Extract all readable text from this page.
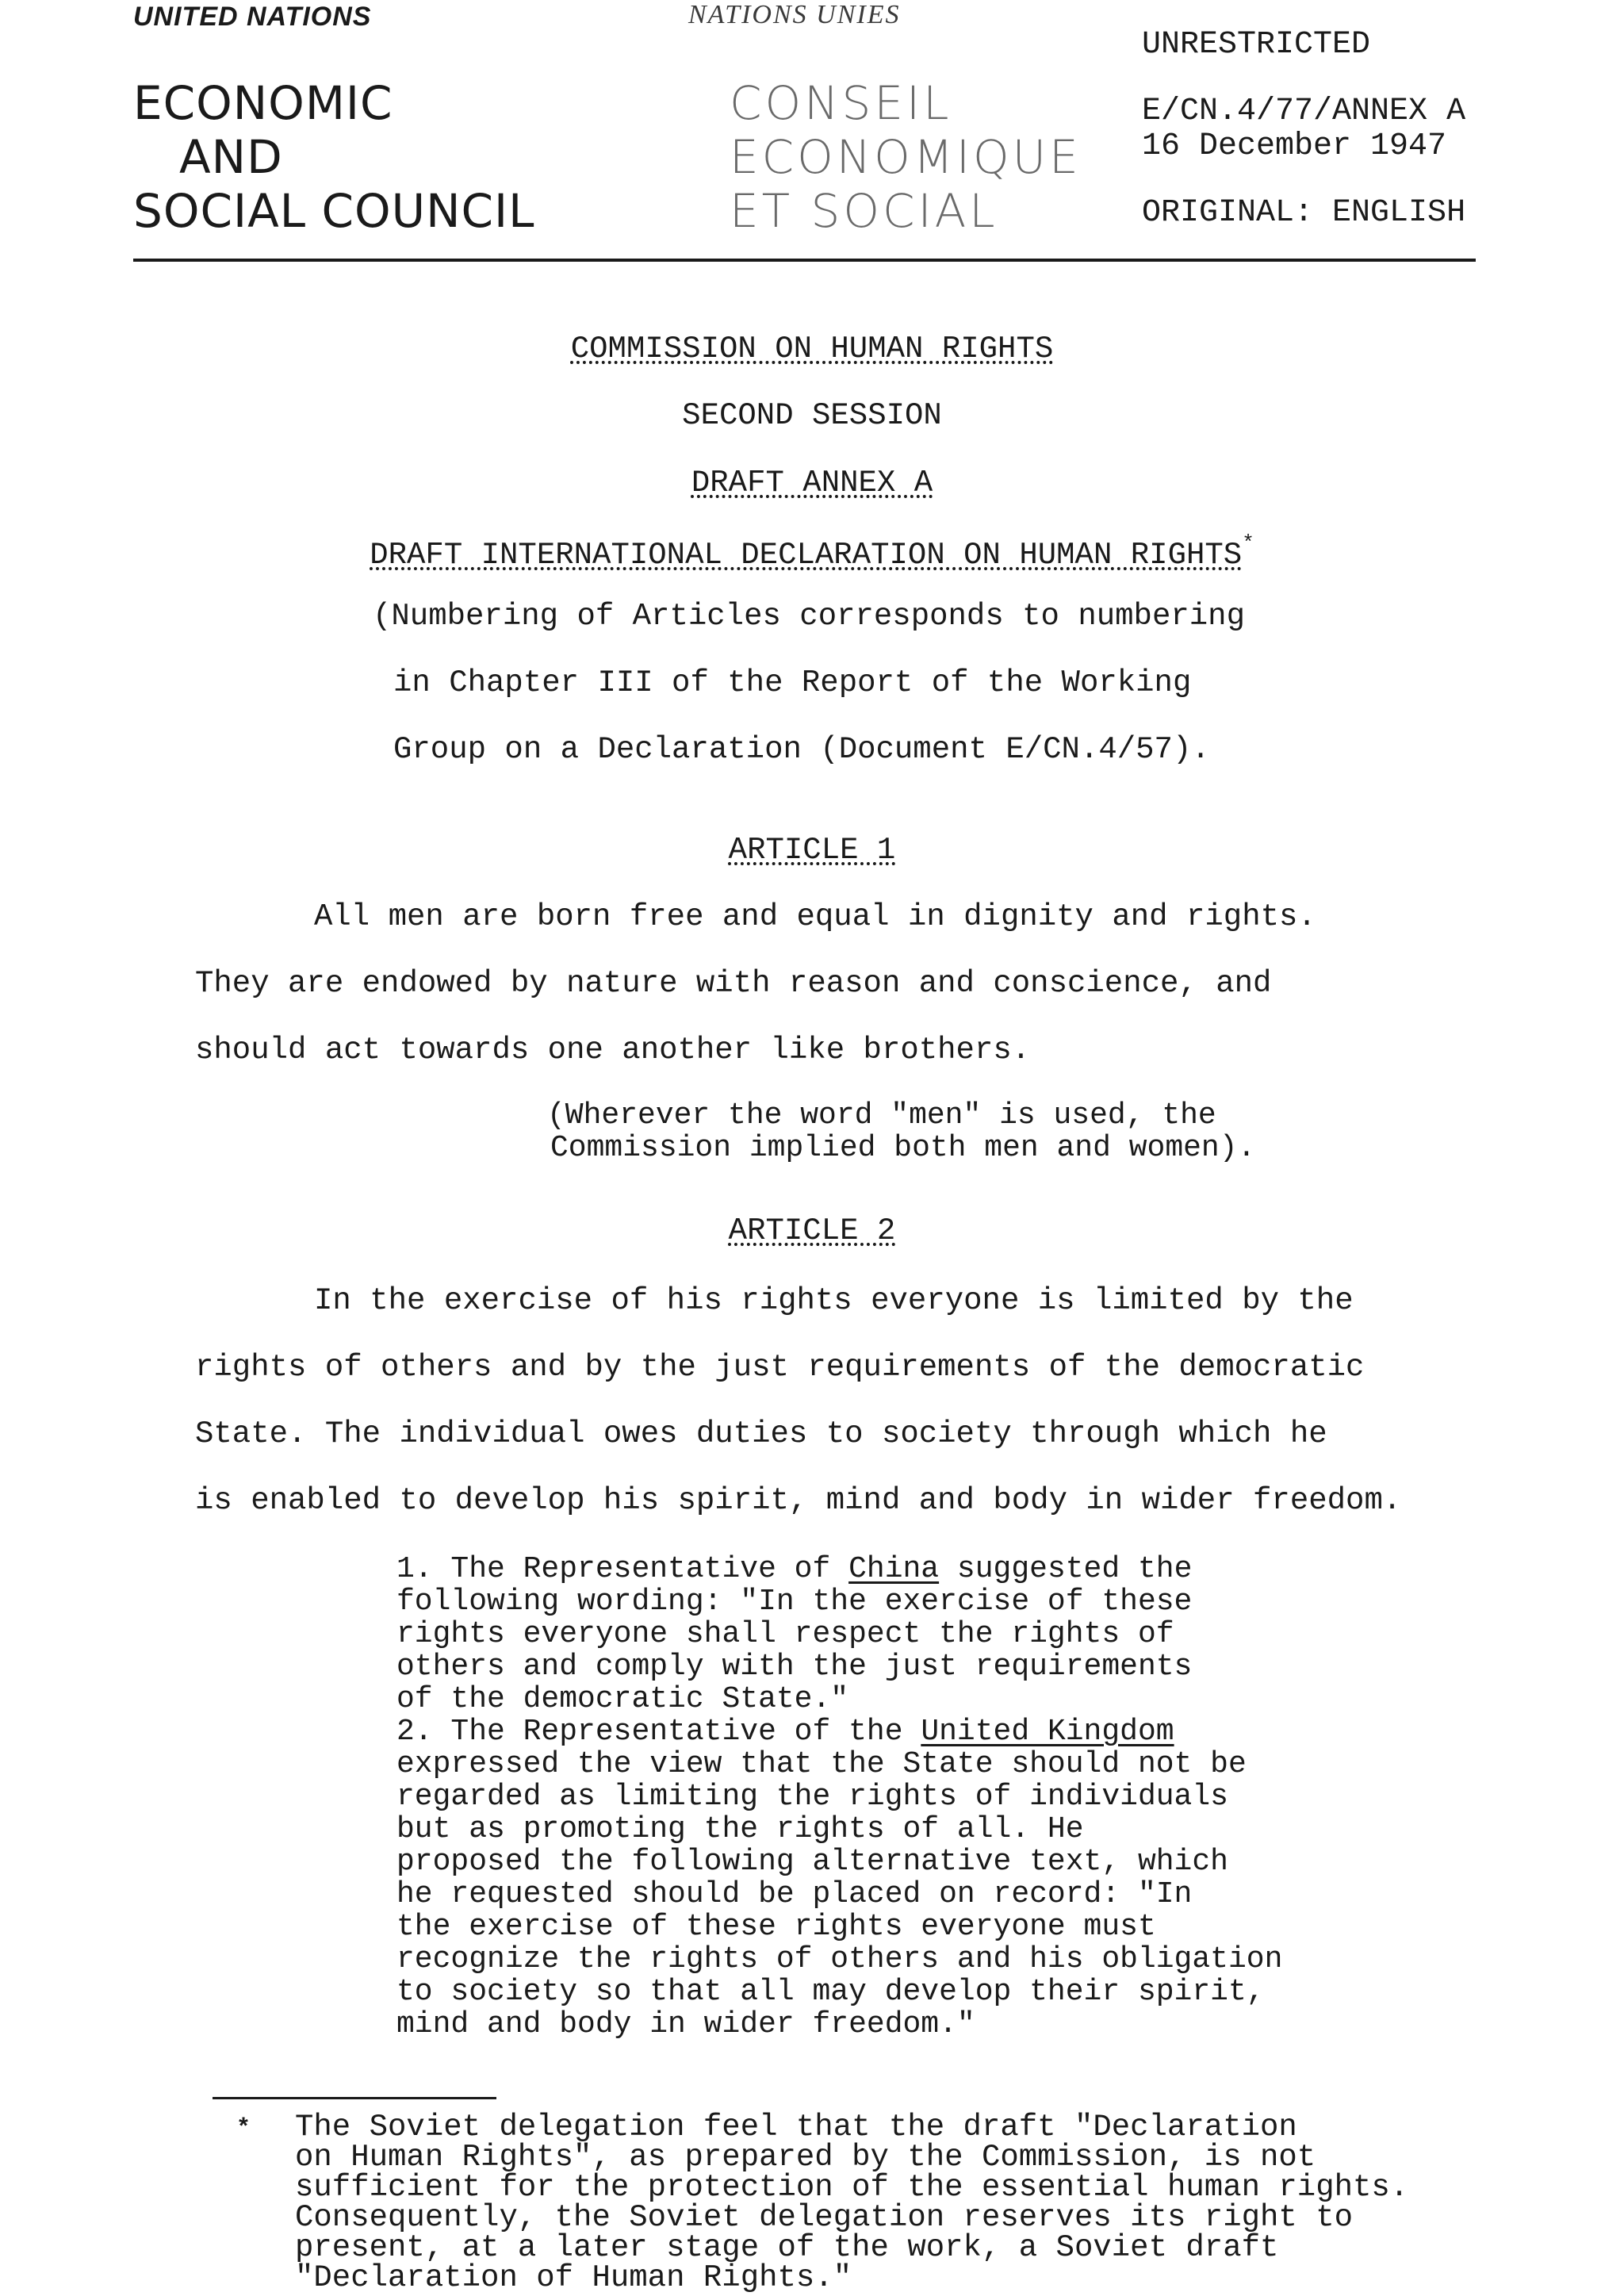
UNITED NATIONS	NATIONS UNIES
ECONOMIC
AND
SOCIAL COUNCIL
CONSEIL
ECONOMIQUE
ET SOCIAL
UNRESTRICTED
E/CN.4/77/ANNEX A
16 December 1947
ORIGINAL: ENGLISH
COMMISSION ON HUMAN RIGHTS
SECOND SESSION
DRAFT ANNEX A
DRAFT INTERNATIONAL DECLARATION ON HUMAN RIGHTS*
(Numbering of Articles corresponds to numbering
in Chapter III of the Report of the Working
Group on a Declaration (Document E/CN.4/57).
ARTICLE 1
All men are born free and equal in dignity and rights.
They are endowed by nature with reason and conscience, and
should act towards one another like brothers.
(Wherever the word "men" is used, the
Commission implied both men and women).
ARTICLE 2
In the exercise of his rights everyone is limited by the
rights of others and by the just requirements of the democratic
State. The individual owes duties to society through which he
is enabled to develop his spirit, mind and body in wider freedom.
1. The Representative of China suggested the
following wording: "In the exercise of these
rights everyone shall respect the rights of
others and comply with the just requirements
of the democratic State."
2. The Representative of the United Kingdom
expressed the view that the State should not be
regarded as limiting the rights of individuals
but as promoting the rights of all. He
proposed the following alternative text, which
he requested should be placed on record: "In
the exercise of these rights everyone must
recognize the rights of others and his obligation
to society so that all may develop their spirit,
mind and body in wider freedom."
* The Soviet delegation feel that the draft "Declaration
on Human Rights", as prepared by the Commission, is not
sufficient for the protection of the essential human rights.
Consequently, the Soviet delegation reserves its right to
present, at a later stage of the work, a Soviet draft
"Declaration of Human Rights."
